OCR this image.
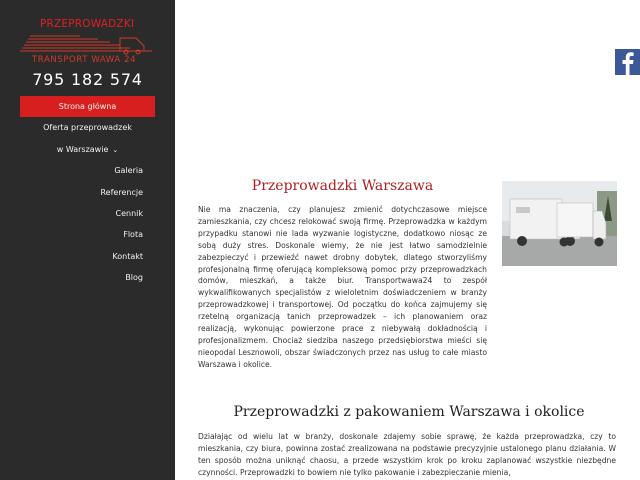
PRZEPROWADZKI
TRANSPORT WAWA 24
795 182 574
Strona główna
Oferta przeprowadzek
w Warszawie ⌄
Galeria
Referencje
Cennik
Flota
Kontakt
Blog
Przeprowadzki Warszawa

Nie ma znaczenia, czy planujesz zmienić dotychczasowe miejsce zamieszkania, czy chcesz relokować swoją firmę. Przeprowadzka w każdym przypadku stanowi nie lada wyzwanie logistyczne, dodatkowo niosąc ze sobą duży stres. Doskonale wiemy, że nie jest łatwo samodzielnie zabezpieczyć i przewieźć nawet drobny dobytek, dlatego stworzyliśmy profesjonalną firmę oferującą kompleksową pomoc przy przeprowadzkach domów, mieszkań, a także biur. Transportwawa24 to zespół wykwalifikowanych specjalistów z wieloletnim doświadczeniem w branży przeprowadzkowej i transportowej. Od początku do końca zajmujemy się rzetelną organizacją tanich przeprowadzek – ich planowaniem oraz realizacją, wykonując powierzone prace z niebywałą dokładnością i profesjonalizmem. Chociaż siedziba naszego przedsiębiorstwa mieści się nieopodal Lesznowoli, obszar świadczonych przez nas usług to całe miasto Warszawa i okolice.

Przeprowadzki z pakowaniem Warszawa i okolice

Działając od wielu lat w branży, doskonale zdajemy sobie sprawę, że każda przeprowadzka, czy to mieszkania, czy biura, powinna zostać zrealizowana na podstawie precyzyjnie ustalonego planu działania. W ten sposób można uniknąć chaosu, a przede wszystkim krok po kroku zaplanować wszystkie niezbędne czynności. Przeprowadzki to bowiem nie tylko pakowanie i zabezpieczanie mienia,
